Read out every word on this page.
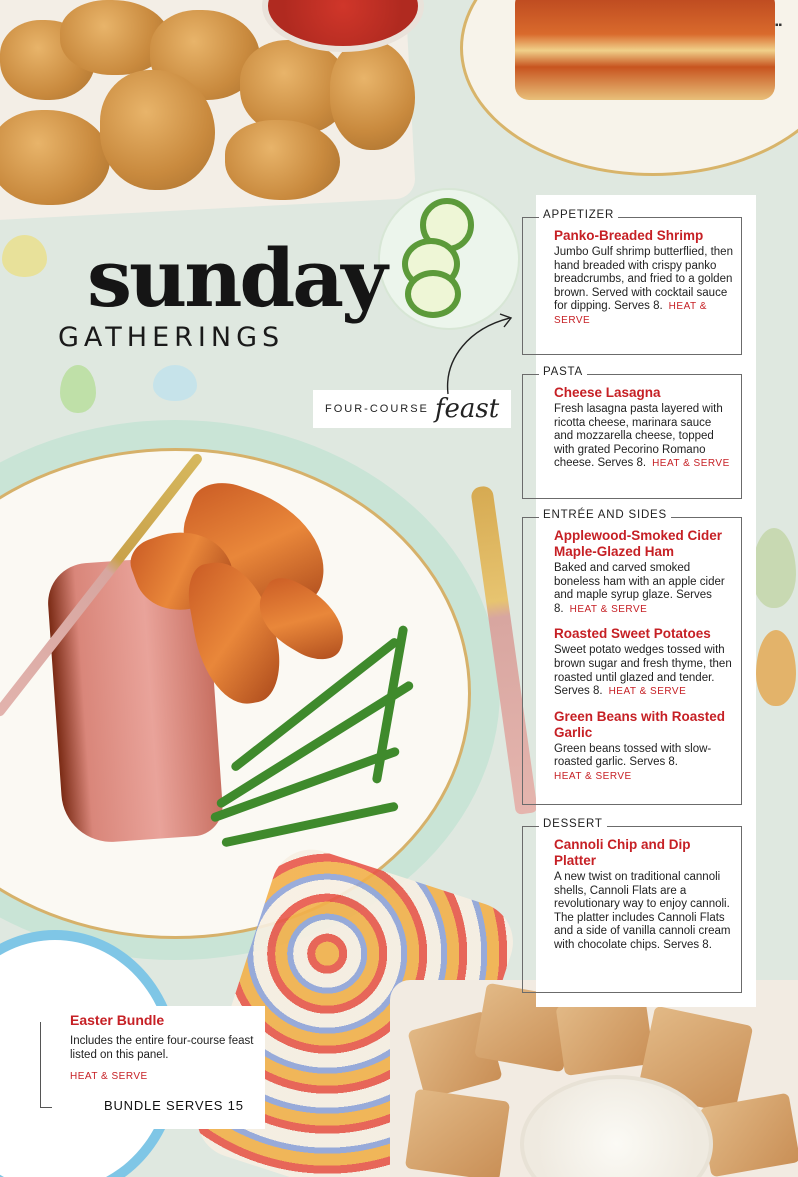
▪▪
sunday
GATHERINGS
FOUR-COURSE feast
APPETIZER
Panko-Breaded Shrimp
Jumbo Gulf shrimp butterflied, then hand breaded with crispy panko breadcrumbs, and fried to a golden brown. Served with cocktail sauce for dipping. Serves 8. HEAT & SERVE
PASTA
Cheese Lasagna
Fresh lasagna pasta layered with ricotta cheese, marinara sauce and mozzarella cheese, topped with grated Pecorino Romano cheese. Serves 8. HEAT & SERVE
ENTRÉE AND SIDES
Applewood-Smoked Cider Maple-Glazed Ham
Baked and carved smoked boneless ham with an apple cider and maple syrup glaze. Serves 8. HEAT & SERVE
Roasted Sweet Potatoes
Sweet potato wedges tossed with brown sugar and fresh thyme, then roasted until glazed and tender. Serves 8. HEAT & SERVE
Green Beans with Roasted Garlic
Green beans tossed with slow-roasted garlic. Serves 8.
HEAT & SERVE
DESSERT
Cannoli Chip and Dip Platter
A new twist on traditional cannoli shells, Cannoli Flats are a revolutionary way to enjoy cannoli. The platter includes Cannoli Flats and a side of vanilla cannoli cream with chocolate chips. Serves 8.
Easter Bundle
Includes the entire four-course feast listed on this panel.
HEAT & SERVE
BUNDLE SERVES 15
